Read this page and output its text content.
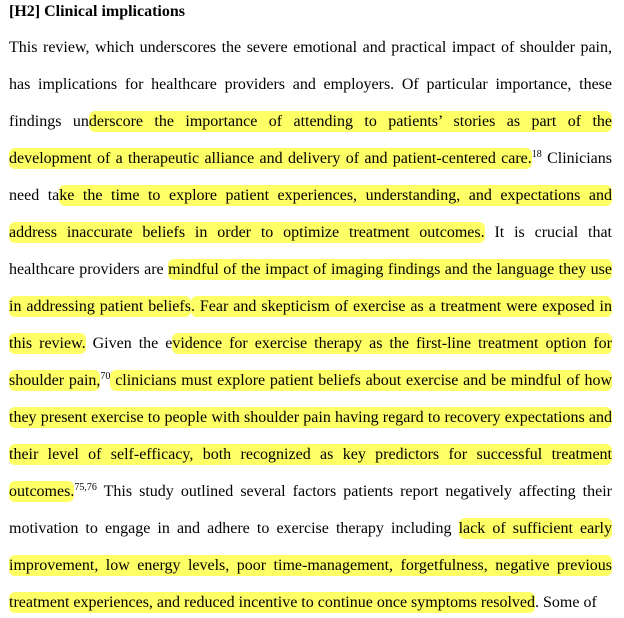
[H2] Clinical implications
This review, which underscores the severe emotional and practical impact of shoulder pain,
has implications for healthcare providers and employers. Of particular importance, these
findings underscore the importance of attending to patients’ stories as part of the
development of a therapeutic alliance and delivery of and patient-centered care.$^{18}$ Clinicians
need take the time to explore patient experiences, understanding, and expectations and
address inaccurate beliefs in order to optimize treatment outcomes. It is crucial that
healthcare providers are mindful of the impact of imaging findings and the language they use
in addressing patient beliefs. Fear and skepticism of exercise as a treatment were exposed in
this review. Given the evidence for exercise therapy as the first-line treatment option for
shoulder pain,$^{70}$ clinicians must explore patient beliefs about exercise and be mindful of how
they present exercise to people with shoulder pain having regard to recovery expectations and
their level of self-efficacy, both recognized as key predictors for successful treatment
outcomes.$^{75,76}$ This study outlined several factors patients report negatively affecting their
motivation to engage in and adhere to exercise therapy including lack of sufficient early
improvement, low energy levels, poor time-management, forgetfulness, negative previous
treatment experiences, and reduced incentive to continue once symptoms resolved. Some of
